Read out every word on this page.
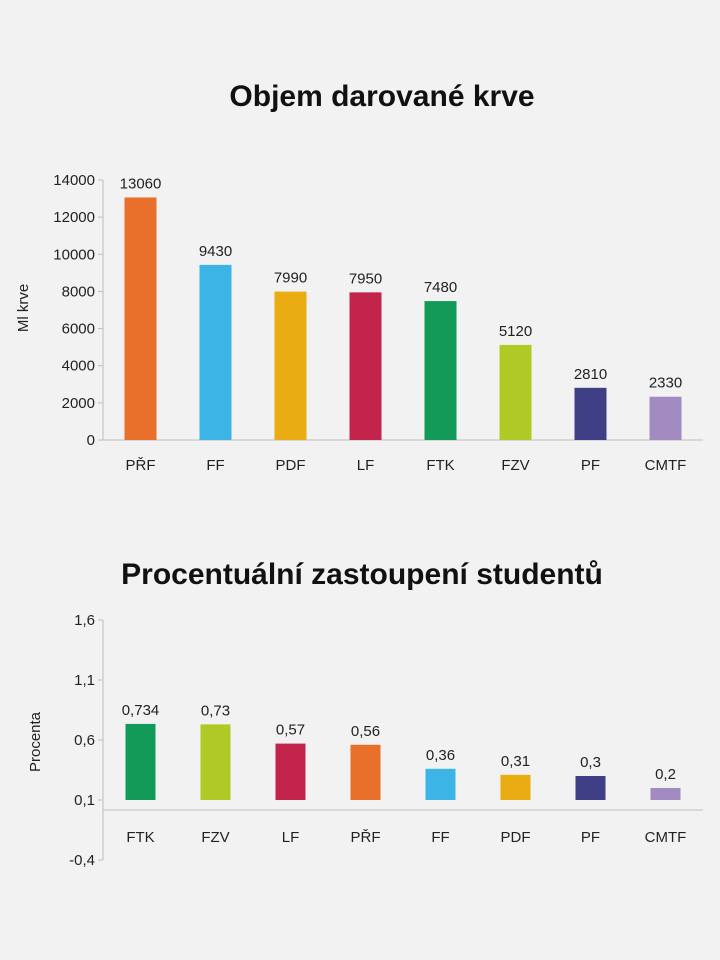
Objem darované krve
Ml krve
0
2000
4000
6000
8000
10000
12000
14000 13060
9430
7990	7950
7480
5120
2810
2330
PŘF	FF	PDF	LF	FTK	FZV	PF	CMTF
Procentuální zastoupení studentů
Procenta
-0,4
0,1
0,6
1,1
1,6
0,734	0,73
0,57	0,56
0,36	0,31	0,3
0,2
FTK	FZV	LF	PŘF	FF	PDF	PF	CMTF
